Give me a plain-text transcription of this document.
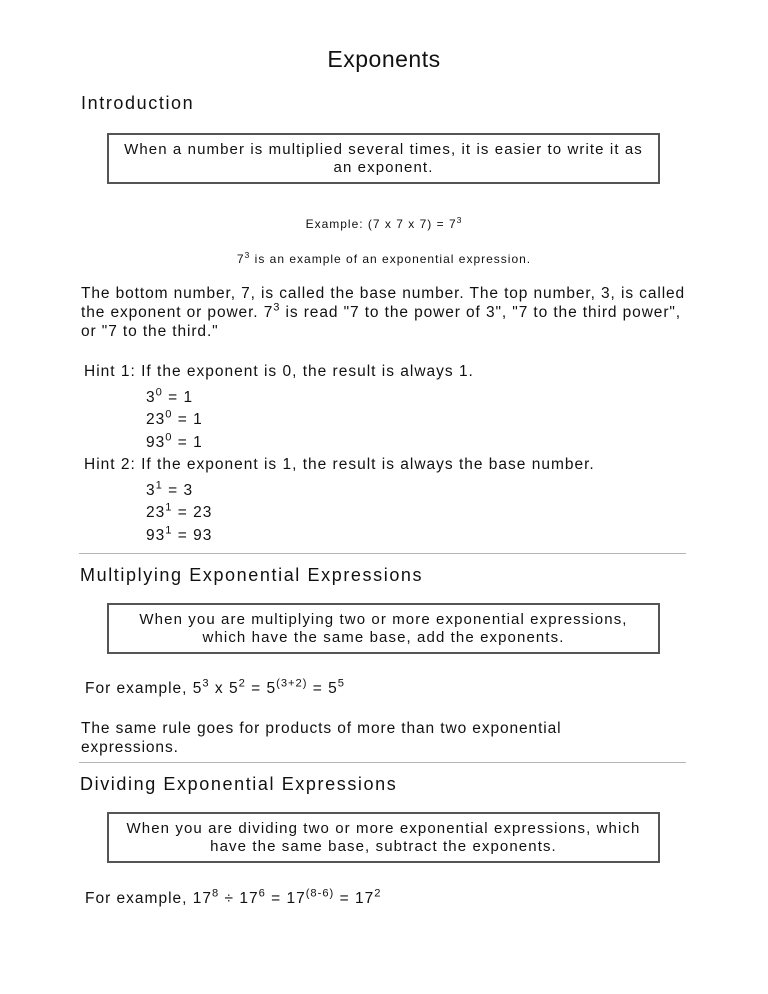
Exponents
Introduction
When a number is multiplied several times, it is easier to write it as an exponent.
Example: (7 x 7 x $7) = 7^3$
$7^3$ is an example of an exponential expression.
The bottom number, 7, is called the base number. The top number, 3, is called the exponent or power. $7^3$ is read "7 to the power of 3", "7 to the third power", or "7 to the third."
Hint 1: If the exponent is 0, the result is always 1.
$3^0 = 1$
$23^0 = 1$
$93^0 = 1$
Hint 2: If the exponent is 1, the result is always the base number.
$3^1 = 3$
$23^1 = 23$
$93^1 = 93$
Multiplying Exponential Expressions
When you are multiplying two or more exponential expressions, which have the same base, add the exponents.
For example, $5^3$ x $5^2 = 5^{(3+2)} = 5^5$
The same rule goes for products of more than two exponential expressions.
Dividing Exponential Expressions
When you are dividing two or more exponential expressions, which have the same base, subtract the exponents.
For example, $17^8 \div 17^6 = 17^{(8-6)} = 17^2$
